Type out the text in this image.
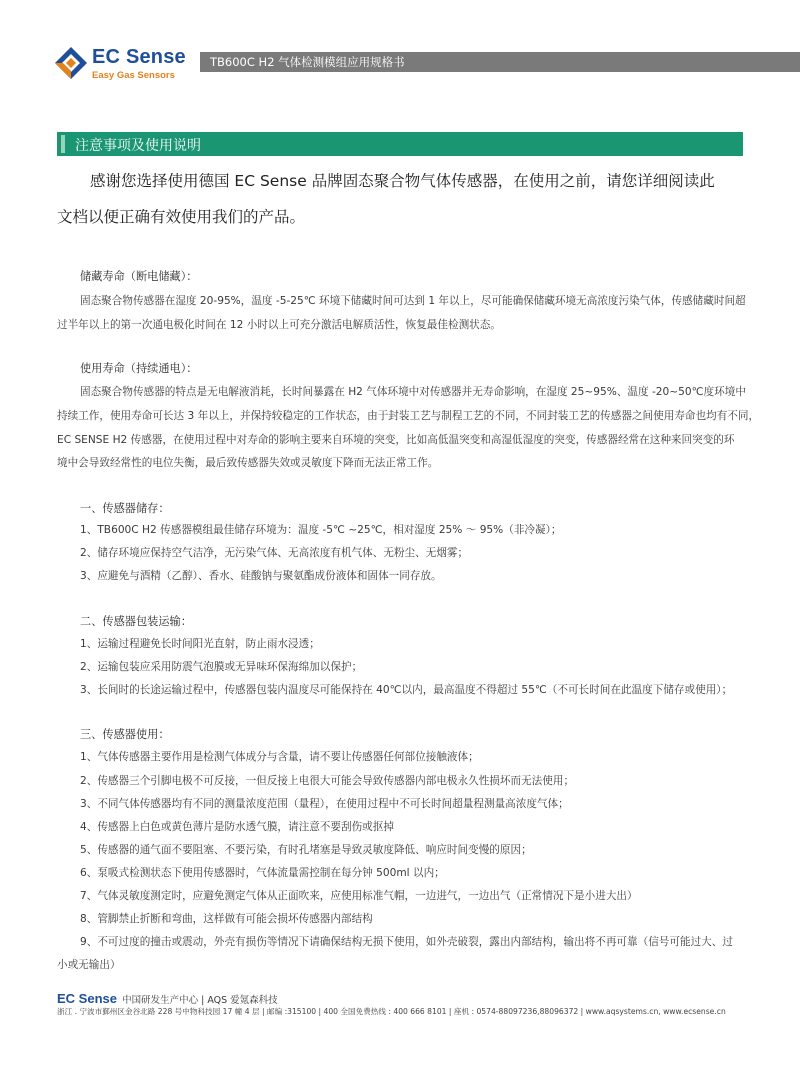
EC Sense
Easy Gas Sensors
TB600C H2 气体检测模组应用规格书
注意事项及使用说明
感谢您选择使用德国 EC Sense 品牌固态聚合物气体传感器，在使用之前，请您详细阅读此
文档以便正确有效使用我们的产品。
储藏寿命（断电储藏）：
固态聚合物传感器在湿度 20-95%，温度 -5-25℃ 环境下储藏时间可达到 1 年以上，尽可能确保储藏环境无高浓度污染气体，传感储藏时间超
过半年以上的第一次通电极化时间在 12 小时以上可充分激活电解质活性，恢复最佳检测状态。
使用寿命（持续通电）：
固态聚合物传感器的特点是无电解液消耗，长时间暴露在 H2 气体环境中对传感器并无寿命影响，在湿度 25~95%、温度 -20~50℃度环境中
持续工作，使用寿命可长达 3 年以上，并保持较稳定的工作状态，由于封装工艺与制程工艺的不同，不同封装工艺的传感器之间使用寿命也均有不同，
EC SENSE H2 传感器，在使用过程中对寿命的影响主要来自环境的突变，比如高低温突变和高湿低湿度的突变，传感器经常在这种来回突变的环
境中会导致经常性的电位失衡，最后致传感器失效或灵敏度下降而无法正常工作。
一、传感器储存：
1、TB600C H2 传感器模组最佳储存环境为：温度 -5℃ ~25℃，相对湿度 25% ～ 95%（非冷凝）；
2、储存环境应保持空气洁净，无污染气体、无高浓度有机气体、无粉尘、无烟雾；
3、应避免与酒精（乙醇）、香水、硅酸钠与聚氨酯成份液体和固体一同存放。
二、传感器包装运输：
1、运输过程避免长时间阳光直射，防止雨水浸透；
2、运输包装应采用防震气泡膜或无异味环保海绵加以保护；
3、长间时的长途运输过程中，传感器包装内温度尽可能保持在 40℃以内，最高温度不得超过 55℃（不可长时间在此温度下储存或使用）；
三、传感器使用：
1、气体传感器主要作用是检测气体成分与含量，请不要让传感器任何部位接触液体；
2、传感器三个引脚电极不可反接，一但反接上电很大可能会导致传感器内部电极永久性损坏而无法使用；
3、不同气体传感器均有不同的测量浓度范围（量程），在使用过程中不可长时间超量程测量高浓度气体；
4、传感器上白色或黄色薄片是防水透气膜，请注意不要刮伤或抠掉
5、传感器的通气面不要阻塞、不要污染，有时孔堵塞是导致灵敏度降低、响应时间变慢的原因；
6、泵吸式检测状态下使用传感器时，气体流量需控制在每分钟 500ml 以内；
7、气体灵敏度测定时，应避免测定气体从正面吹来，应使用标准气帽，一边进气，一边出气（正常情况下是小进大出）
8、管脚禁止折断和弯曲，这样做有可能会损坏传感器内部结构
9、不可过度的撞击或震动，外壳有损伤等情况下请确保结构无损下使用，如外壳破裂，露出内部结构，输出将不再可靠（信号可能过大、过
小或无输出）
EC Sense 中国研发生产中心 | AQS 爱氪森科技
浙江 . 宁波市鄞州区金谷北路 228 号中物科技园 17 幢 4 层 | 邮编 :315100 | 400 全国免费热线 : 400 666 8101 | 座机 : 0574-88097236,88096372 | www.aqsystems.cn, www.ecsense.cn
